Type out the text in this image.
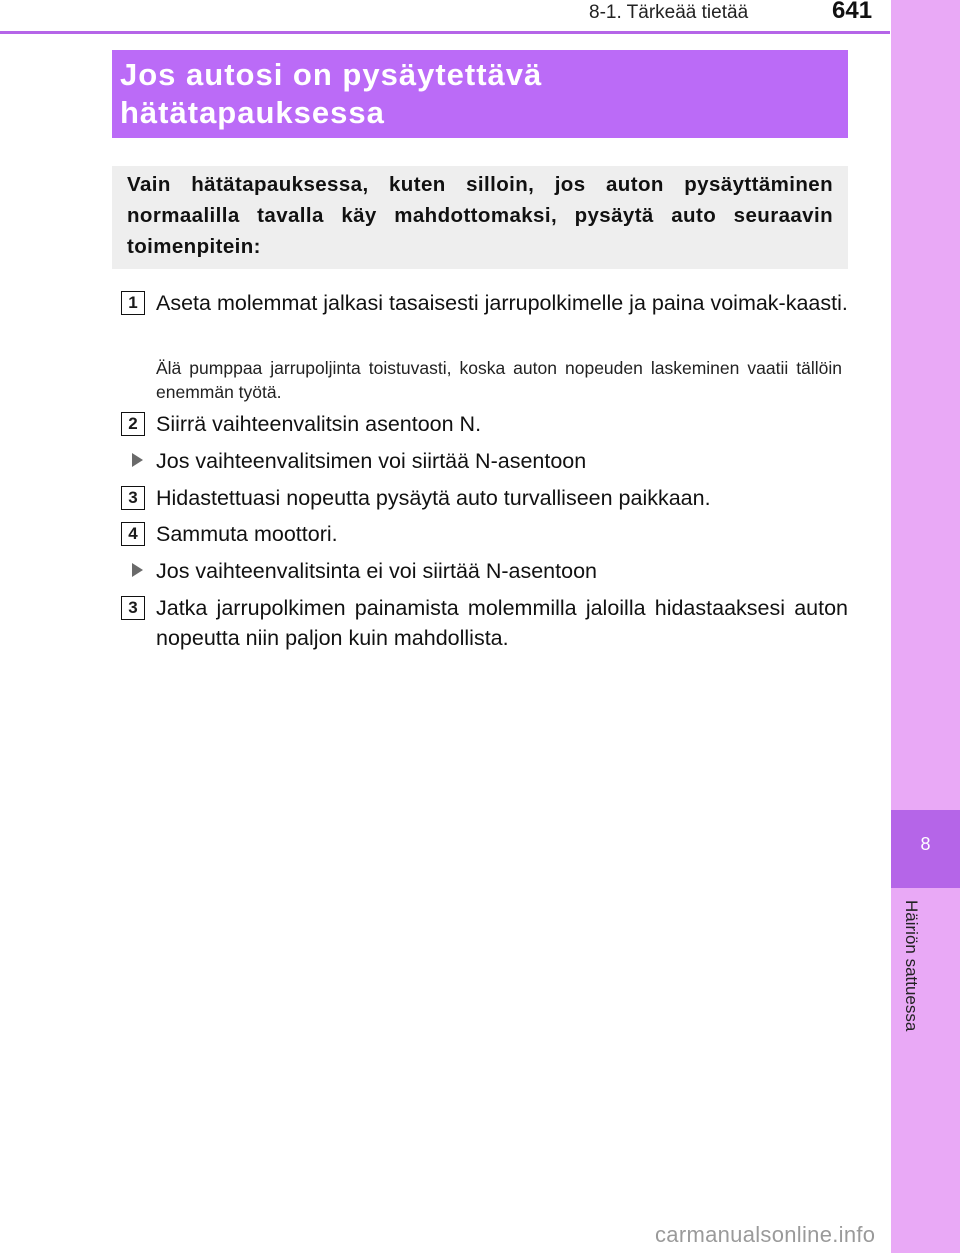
8-1. Tärkeää tietää	641
8
Häiriön sattuessa
Jos autosi on pysäytettävä
hätätapauksessa

Vain hätätapauksessa, kuten silloin, jos auton pysäyttäminen normaalilla tavalla käy mahdottomaksi, pysäytä auto seuraavin toimenpitein:

1 Aseta molemmat jalkasi tasaisesti jarrupolkimelle ja paina voimak-kaasti.

Älä pumppaa jarrupoljinta toistuvasti, koska auton nopeuden laskeminen vaatii tällöin enemmän työtä.

2 Siirrä vaihteenvalitsin asentoon N.

Jos vaihteenvalitsimen voi siirtää N-asentoon
3 Hidastettuasi nopeutta pysäytä auto turvalliseen paikkaan.

4 Sammuta moottori.

Jos vaihteenvalitsinta ei voi siirtää N-asentoon
3 Jatka jarrupolkimen painamista molemmilla jaloilla hidastaaksesi auton nopeutta niin paljon kuin mahdollista.

carmanualsonline.info
